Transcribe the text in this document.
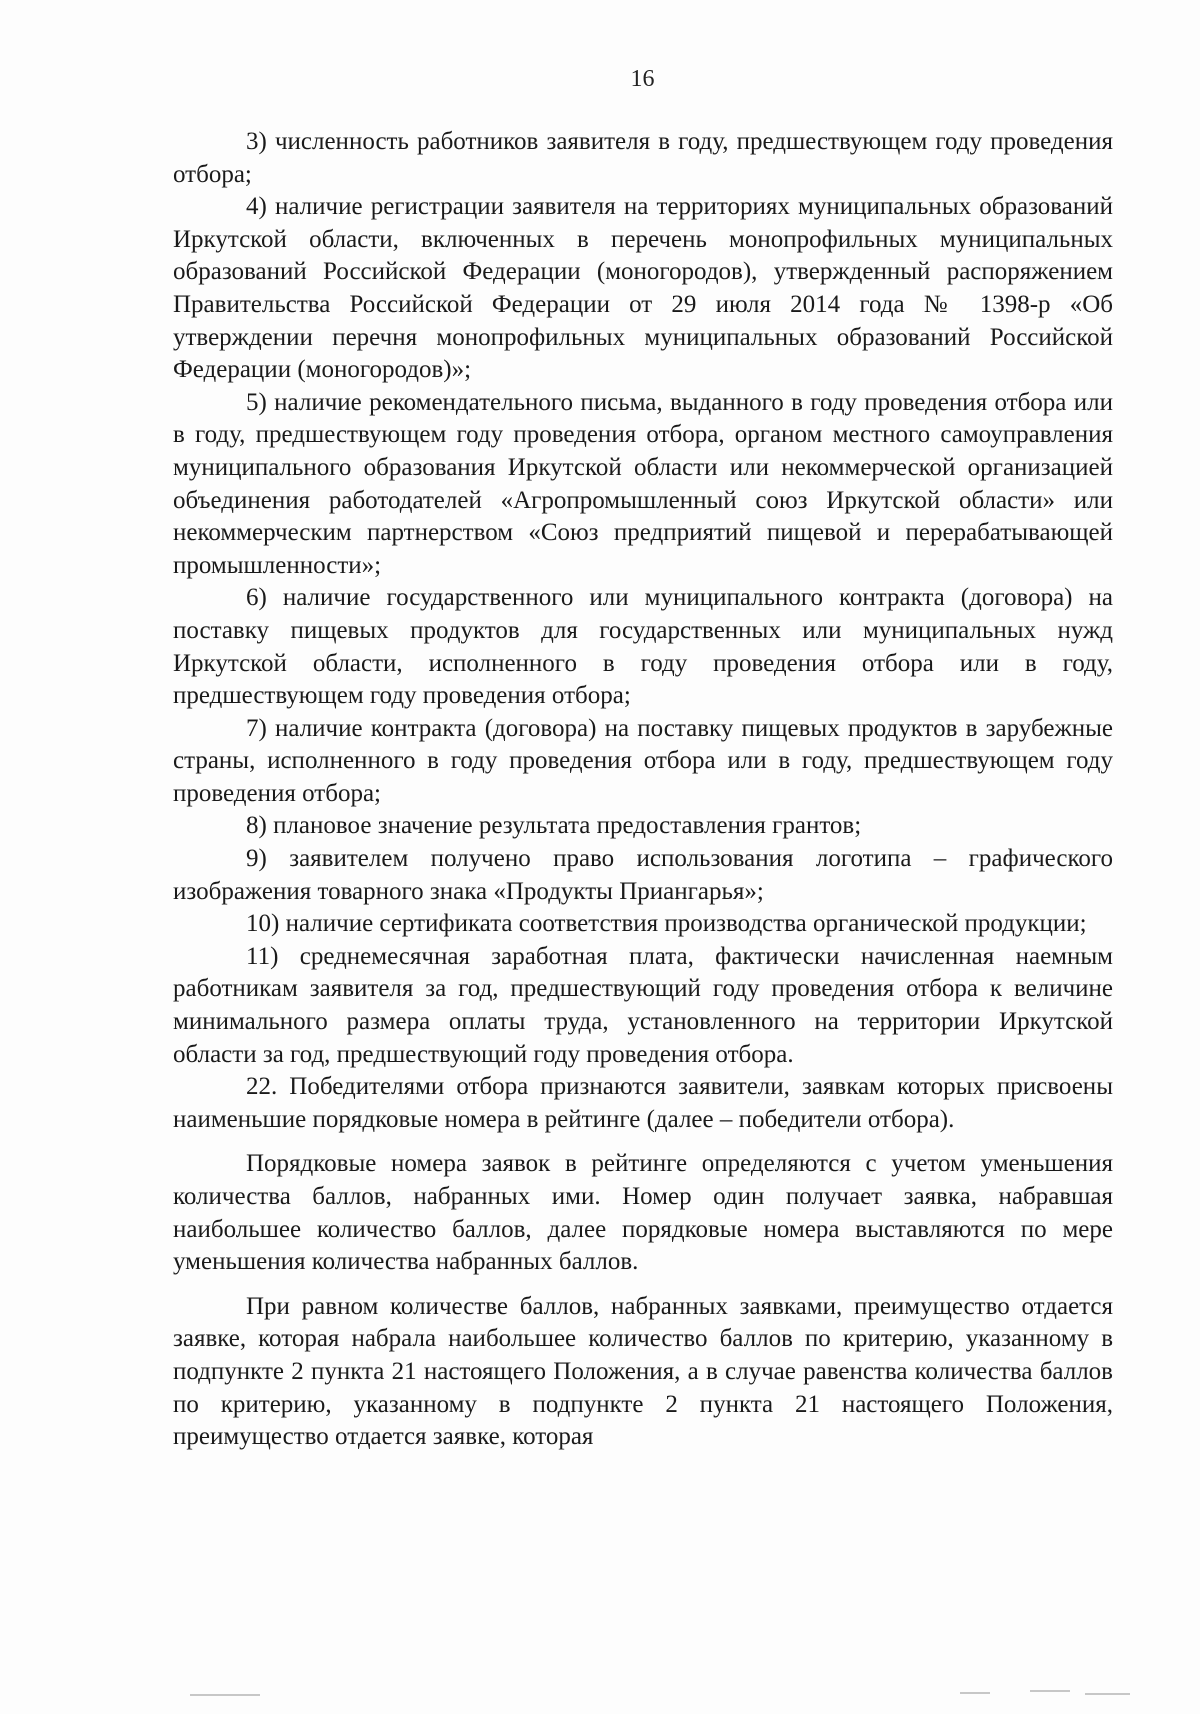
16

3) численность работников заявителя в году, предшествующем году проведения отбора;

4) наличие регистрации заявителя на территориях муниципальных образований Иркутской области, включенных в перечень монопрофильных муниципальных образований Российской Федерации (моногородов), утвержденный распоряжением Правительства Российской Федерации от 29 июля 2014 года № 1398-р «Об утверждении перечня монопрофильных муниципальных образований Российской Федерации (моногородов)»;

5) наличие рекомендательного письма, выданного в году проведения отбора или в году, предшествующем году проведения отбора, органом местного самоуправления муниципального образования Иркутской области или некоммерческой организацией объединения работодателей «Агропромышленный союз Иркутской области» или некоммерческим партнерством «Союз предприятий пищевой и перерабатывающей промышленности»;

6) наличие государственного или муниципального контракта (договора) на поставку пищевых продуктов для государственных или муниципальных нужд Иркутской области, исполненного в году проведения отбора или в году, предшествующем году проведения отбора;

7) наличие контракта (договора) на поставку пищевых продуктов в зарубежные страны, исполненного в году проведения отбора или в году, предшествующем году проведения отбора;

8) плановое значение результата предоставления грантов;

9) заявителем получено право использования логотипа – графического изображения товарного знака «Продукты Приангарья»;

10) наличие сертификата соответствия производства органической продукции;

11) среднемесячная заработная плата, фактически начисленная наемным работникам заявителя за год, предшествующий году проведения отбора к величине минимального размера оплаты труда, установленного на территории Иркутской области за год, предшествующий году проведения отбора.

22. Победителями отбора признаются заявители, заявкам которых присвоены наименьшие порядковые номера в рейтинге (далее – победители отбора).

Порядковые номера заявок в рейтинге определяются с учетом уменьшения количества баллов, набранных ими. Номер один получает заявка, набравшая наибольшее количество баллов, далее порядковые номера выставляются по мере уменьшения количества набранных баллов.

При равном количестве баллов, набранных заявками, преимущество отдается заявке, которая набрала наибольшее количество баллов по критерию, указанному в подпункте 2 пункта 21 настоящего Положения, а в случае равенства количества баллов по критерию, указанному в подпункте 2 пункта 21 настоящего Положения, преимущество отдается заявке, которая
